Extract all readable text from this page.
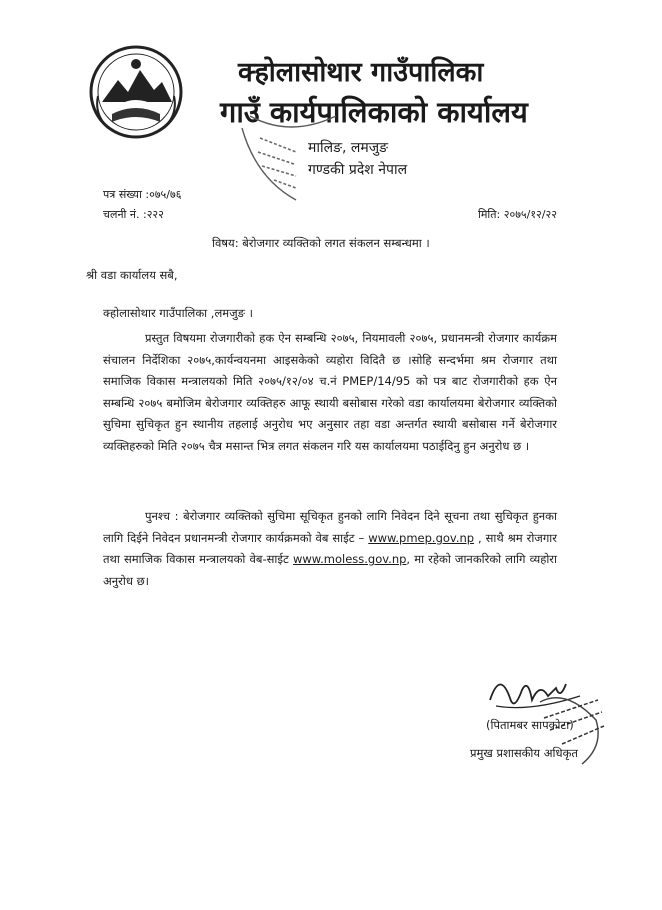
क्होलासोथार गाउँपालिका
गाउँ कार्यपालिकाको कार्यालय
मालिङ, लमजुङ
गण्डकी प्रदेश नेपाल
पत्र संख्या :०७५/७६
चलनी नं. :२२२	मिति: २०७५/१२/२२
विषय: बेरोजगार व्यक्तिको लगत संकलन सम्बन्धमा ।
श्री वडा कार्यालय सबै,
क्होलासोथार गाउँपालिका ,लमजुङ ।

प्रस्तुत विषयमा रोजगारीको हक ऐन सम्बन्धि २०७५, नियमावली २०७५, प्रधानमन्त्री रोजगार कार्यक्रम संचालन निर्देशिका २०७५,कार्यन्वयनमा आइसकेको व्यहोरा विदितै छ ।सोहि सन्दर्भमा श्रम रोजगार तथा समाजिक विकास मन्त्रालयको मिति २०७५/१२/०४ च.नं PMEP/14/95 को पत्र बाट रोजगारीको हक ऐन सम्बन्धि २०७५ बमोजिम बेरोजगार व्यक्तिहरु आफू स्थायी बसोबास गरेको वडा कार्यालयमा बेरोजगार व्यक्तिको सुचिमा सुचिकृत हुन स्थानीय तहलाई अनुरोध भए अनुसार तहा वडा अन्तर्गत स्थायी बसोबास गर्ने बेरोजगार व्यक्तिहरुको मिति २०७५ चैत्र मसान्त भित्र लगत संकलन गरि यस कार्यालयमा पठाईदिनु हुन अनुरोध छ ।

पुनश्च : बेरोजगार व्यक्तिको सुचिमा सूचिकृत हुनको लागि निवेदन दिने सूचना तथा सुचिकृत हुनका लागि दिईने निवेदन प्रधानमन्त्री रोजगार कार्यक्रमको वेब साईट – www.pmep.gov.np , साथै श्रम रोजगार तथा समाजिक विकास मन्त्रालयको वेब-साईट www.moless.gov.np, मा रहेको जानकरिको लागि व्यहोरा अनुरोध छ।

(पितामबर सापकोटा)
प्रमुख प्रशासकीय अधिकृत
